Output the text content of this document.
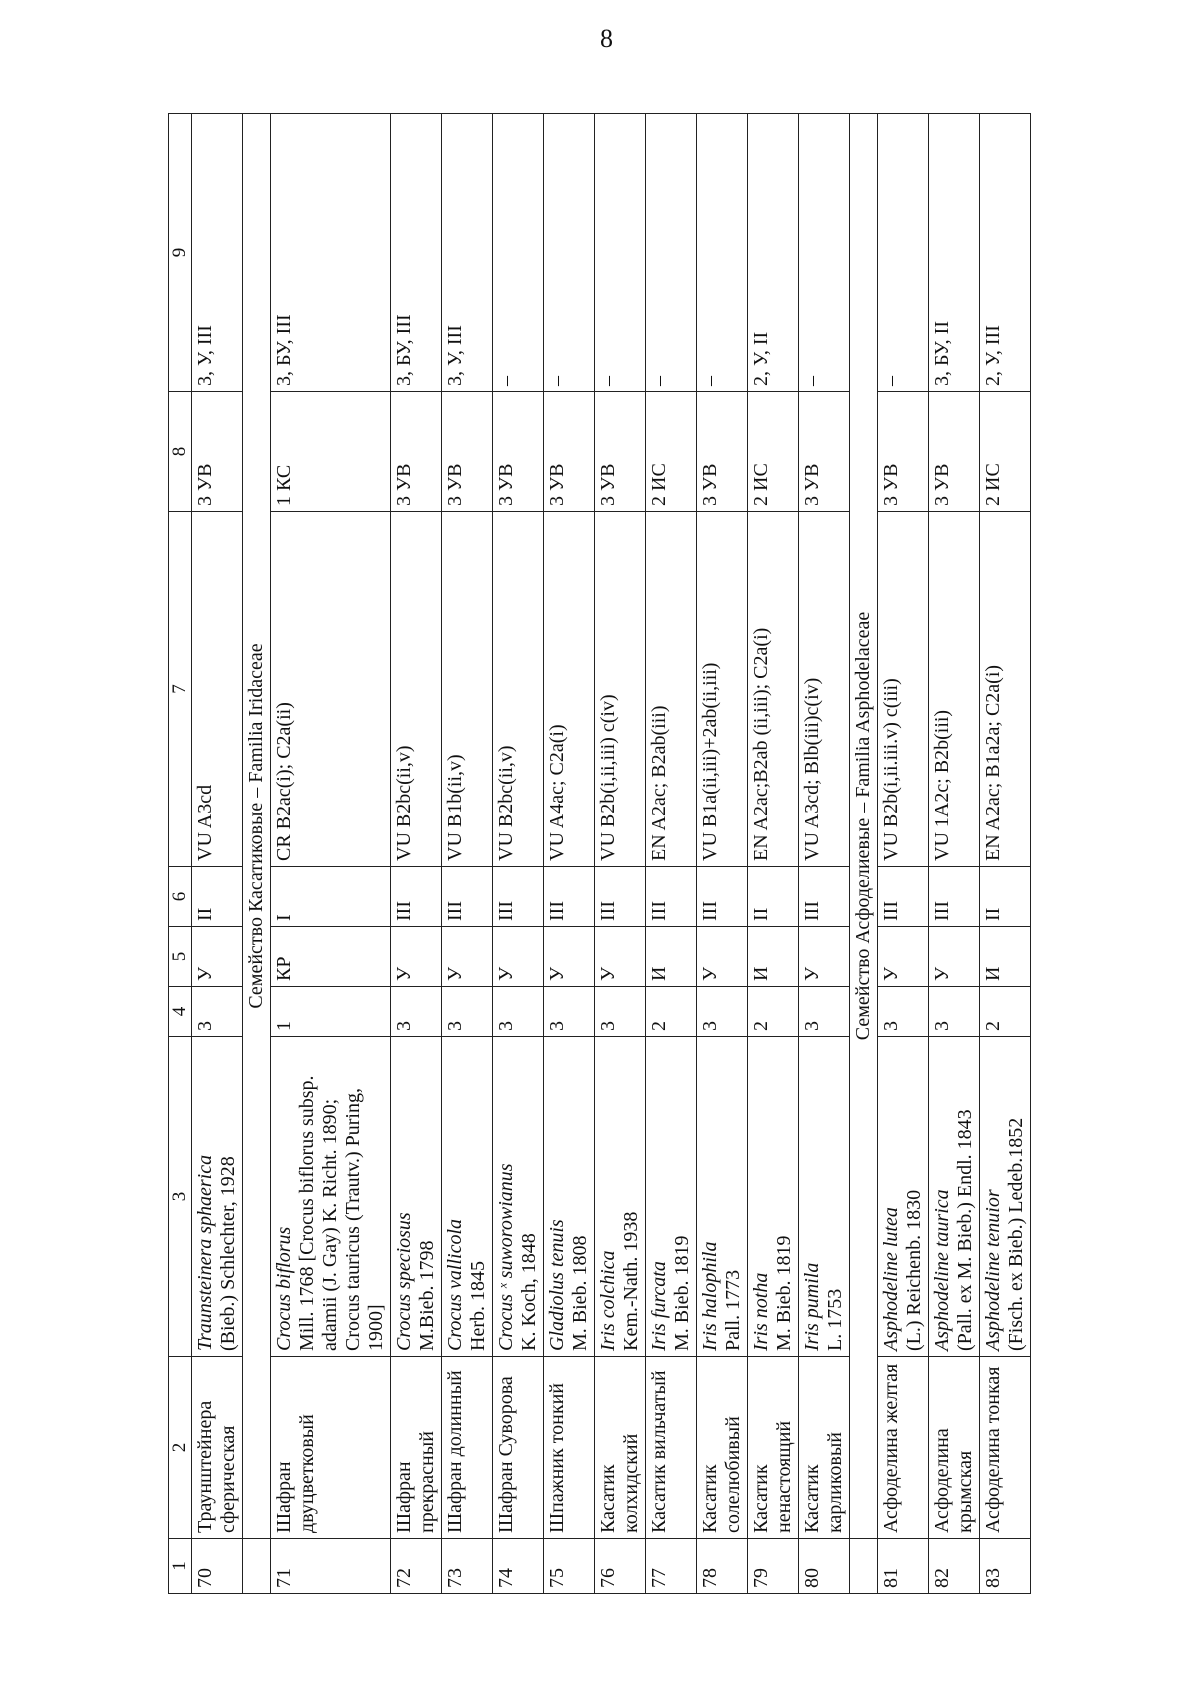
8
1	2	3	4	5	6	7	8	9
70	Траунштейнера сферическая	Traunsteinera sphaerica (Bieb.) Schlechter, 1928	3	У	II	VU A3cd	3 УВ	3, У, III
	Семейство Касатиковые – Familia Iridaceae							
71	Шафран двуцветковый	Crocus biflorus Mill. 1768 [Crocus biflorus subsp. adamii (J. Gay) K. Richt. 1890; Crocus tauricus (Trautv.) Puring, 1900]	1	КР	I	CR B2ac(i); C2a(ii)	1 КС	3, БУ, III
72	Шафран прекрасный	Crocus speciosus M.Bieb. 1798	3	У	III	VU B2bc(ii,v)	3 УВ	3, БУ, III
73	Шафран долинный	Crocus vallicola Herb. 1845	3	У	III	VU B1b(ii,v)	3 УВ	3, У, III
74	Шафран Суворова	Crocus ˣ suworowianus K. Koch, 1848	3	У	III	VU B2bc(ii,v)	3 УВ	–
75	Шпажник тонкий	Gladiolus tenuis M. Bieb. 1808	3	У	III	VU A4ac; C2a(i)	3 УВ	–
76	Касатик колхидский	Iris colchica Kem.-Nath. 1938	3	У	III	VU B2b(i,ii,iii) c(iv)	3 УВ	–
77	Касатик вильчатый	Iris furcata M. Bieb. 1819	2	И	III	EN A2ac; B2ab(iii)	2 ИС	–
78	Касатик солелюбивый	Iris halophila Pall. 1773	3	У	III	VU B1a(ii,iii)+2ab(ii,iii)	3 УВ	–
79	Касатик ненастоящий	Iris notha M. Bieb. 1819	2	И	II	EN A2ac;B2ab (ii,iii); C2a(i)	2 ИС	2, У, II
80	Касатик карликовый	Iris pumila L. 1753	3	У	III	VU A3cd; Blb(iii)c(iv)	3 УВ	–
	Семейство Асфоделиевые – Familia Asphodelaceae							
81	Асфоделина желтая	Asphodeline lutea (L.) Reichenb. 1830	3	У	III	VU B2b(i,ii.iii.v) c(iii)	3 УВ	–
82	Асфоделина крымская	Asphodeline taurica (Pall. ex M. Bieb.) Endl. 1843	3	У	III	VU 1A2c; B2b(iii)	3 УВ	3, БУ, II
83	Асфоделина тонкая	Asphodeline tenuior (Fisch. ex Bieb.) Ledeb.1852	2	И	II	EN A2ac; B1a2a; C2a(i)	2 ИС	2, У, III
